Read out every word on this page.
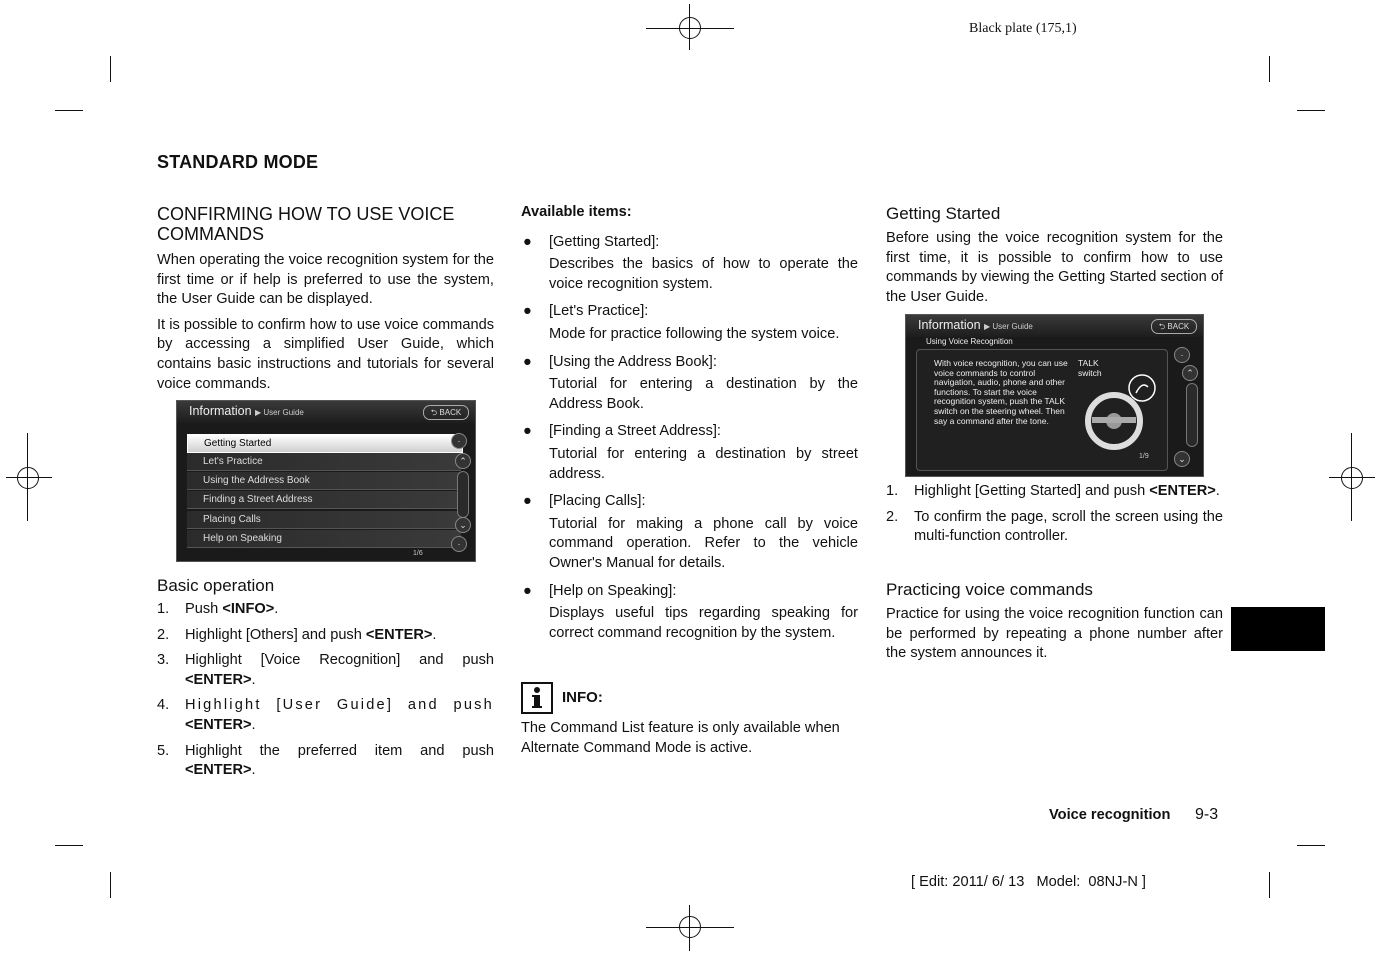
Black plate (175,1)
STANDARD MODE
CONFIRMING HOW TO USE VOICE COMMANDS

When operating the voice recognition system for the first time or if help is preferred to use the system, the User Guide can be displayed.

It is possible to confirm how to use voice commands by accessing a simplified User Guide, which contains basic instructions and tutorials for several voice commands.

Information ▶ User Guide	⮌ BACK
Getting Started
Let's Practice
Using the Address Book
Finding a Street Address
Placing Calls
Help on Speaking
·
⌃
⌄
·
1/6
Basic operation
1. Push <INFO>.
2. Highlight [Others] and push <ENTER>.
3. Highlight [Voice Recognition] and push <ENTER>.
4. Highlight [User Guide] and push <ENTER>.
5. Highlight the preferred item and push <ENTER>.
Available items:
● [Getting Started]:
Describes the basics of how to operate the voice recognition system.
● [Let's Practice]:
Mode for practice following the system voice.
● [Using the Address Book]:
Tutorial for entering a destination by the Address Book.
● [Finding a Street Address]:
Tutorial for entering a destination by street address.
● [Placing Calls]:
Tutorial for making a phone call by voice command operation. Refer to the vehicle Owner's Manual for details.
● [Help on Speaking]:
Displays useful tips regarding speaking for correct command recognition by the system.
INFO:
The Command List feature is only available when Alternate Command Mode is active.
Getting Started

Before using the voice recognition system for the first time, it is possible to confirm how to use commands by viewing the Getting Started section of the User Guide.

Information ▶ User Guide	⮌ BACK
Using Voice Recognition
With voice recognition, you can use voice commands to control navigation, audio, phone and other functions. To start the voice recognition system, push the TALK switch on the steering wheel. Then say a command after the tone.
TALK switch
·
⌃
⌄
1/9
1. Highlight [Getting Started] and push <ENTER>.
2. To confirm the page, scroll the screen using the multi-function controller.
Practicing voice commands

Practice for using the voice recognition function can be performed by repeating a phone number after the system announces it.

Voice recognition 9-3
[ Edit: 2011/ 6/ 13   Model:  08NJ-N ]
